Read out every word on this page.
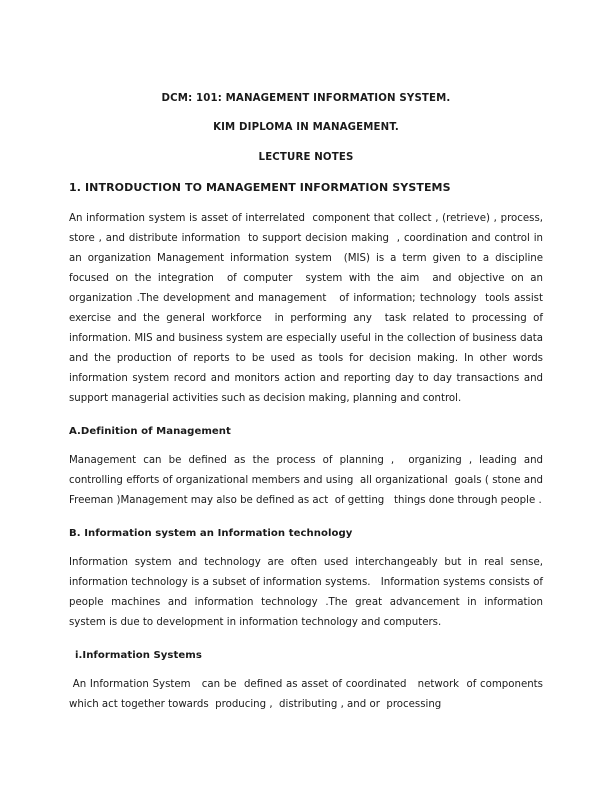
DCM: 101: MANAGEMENT INFORMATION SYSTEM.
KIM DIPLOMA IN MANAGEMENT.
LECTURE NOTES
1. INTRODUCTION TO MANAGEMENT INFORMATION SYSTEMS

An information system is asset of interrelated  component that collect , (retrieve) , process, store , and distribute information  to support decision making  , coordination and control in an organization Management information system  (MIS) is a term given to a discipline  focused on the integration  of computer  system with the aim  and objective on an organization .The development and management   of information; technology  tools assist  exercise and the general workforce  in performing any  task related to processing of information. MIS and business system are especially useful in the collection of business data and the production of reports to be used as tools for decision making. In other words information system record and monitors action and reporting day to day transactions and support managerial activities such as decision making, planning and control.

A.Definition of Management

Management can be defined as the process of planning ,  organizing , leading and controlling efforts of organizational members and using  all organizational  goals ( stone and Freeman )Management may also be defined as act  of getting   things done through people .

B. Information system an Information technology

Information system and technology are often used interchangeably but in real sense, information technology is a subset of information systems.   Information systems consists of people machines and information technology .The great advancement in information   system is due to development in information technology and computers.

i.Information Systems

An Information System   can be  defined as asset of coordinated   network  of components which act together towards  producing ,  distributing , and or  processing
